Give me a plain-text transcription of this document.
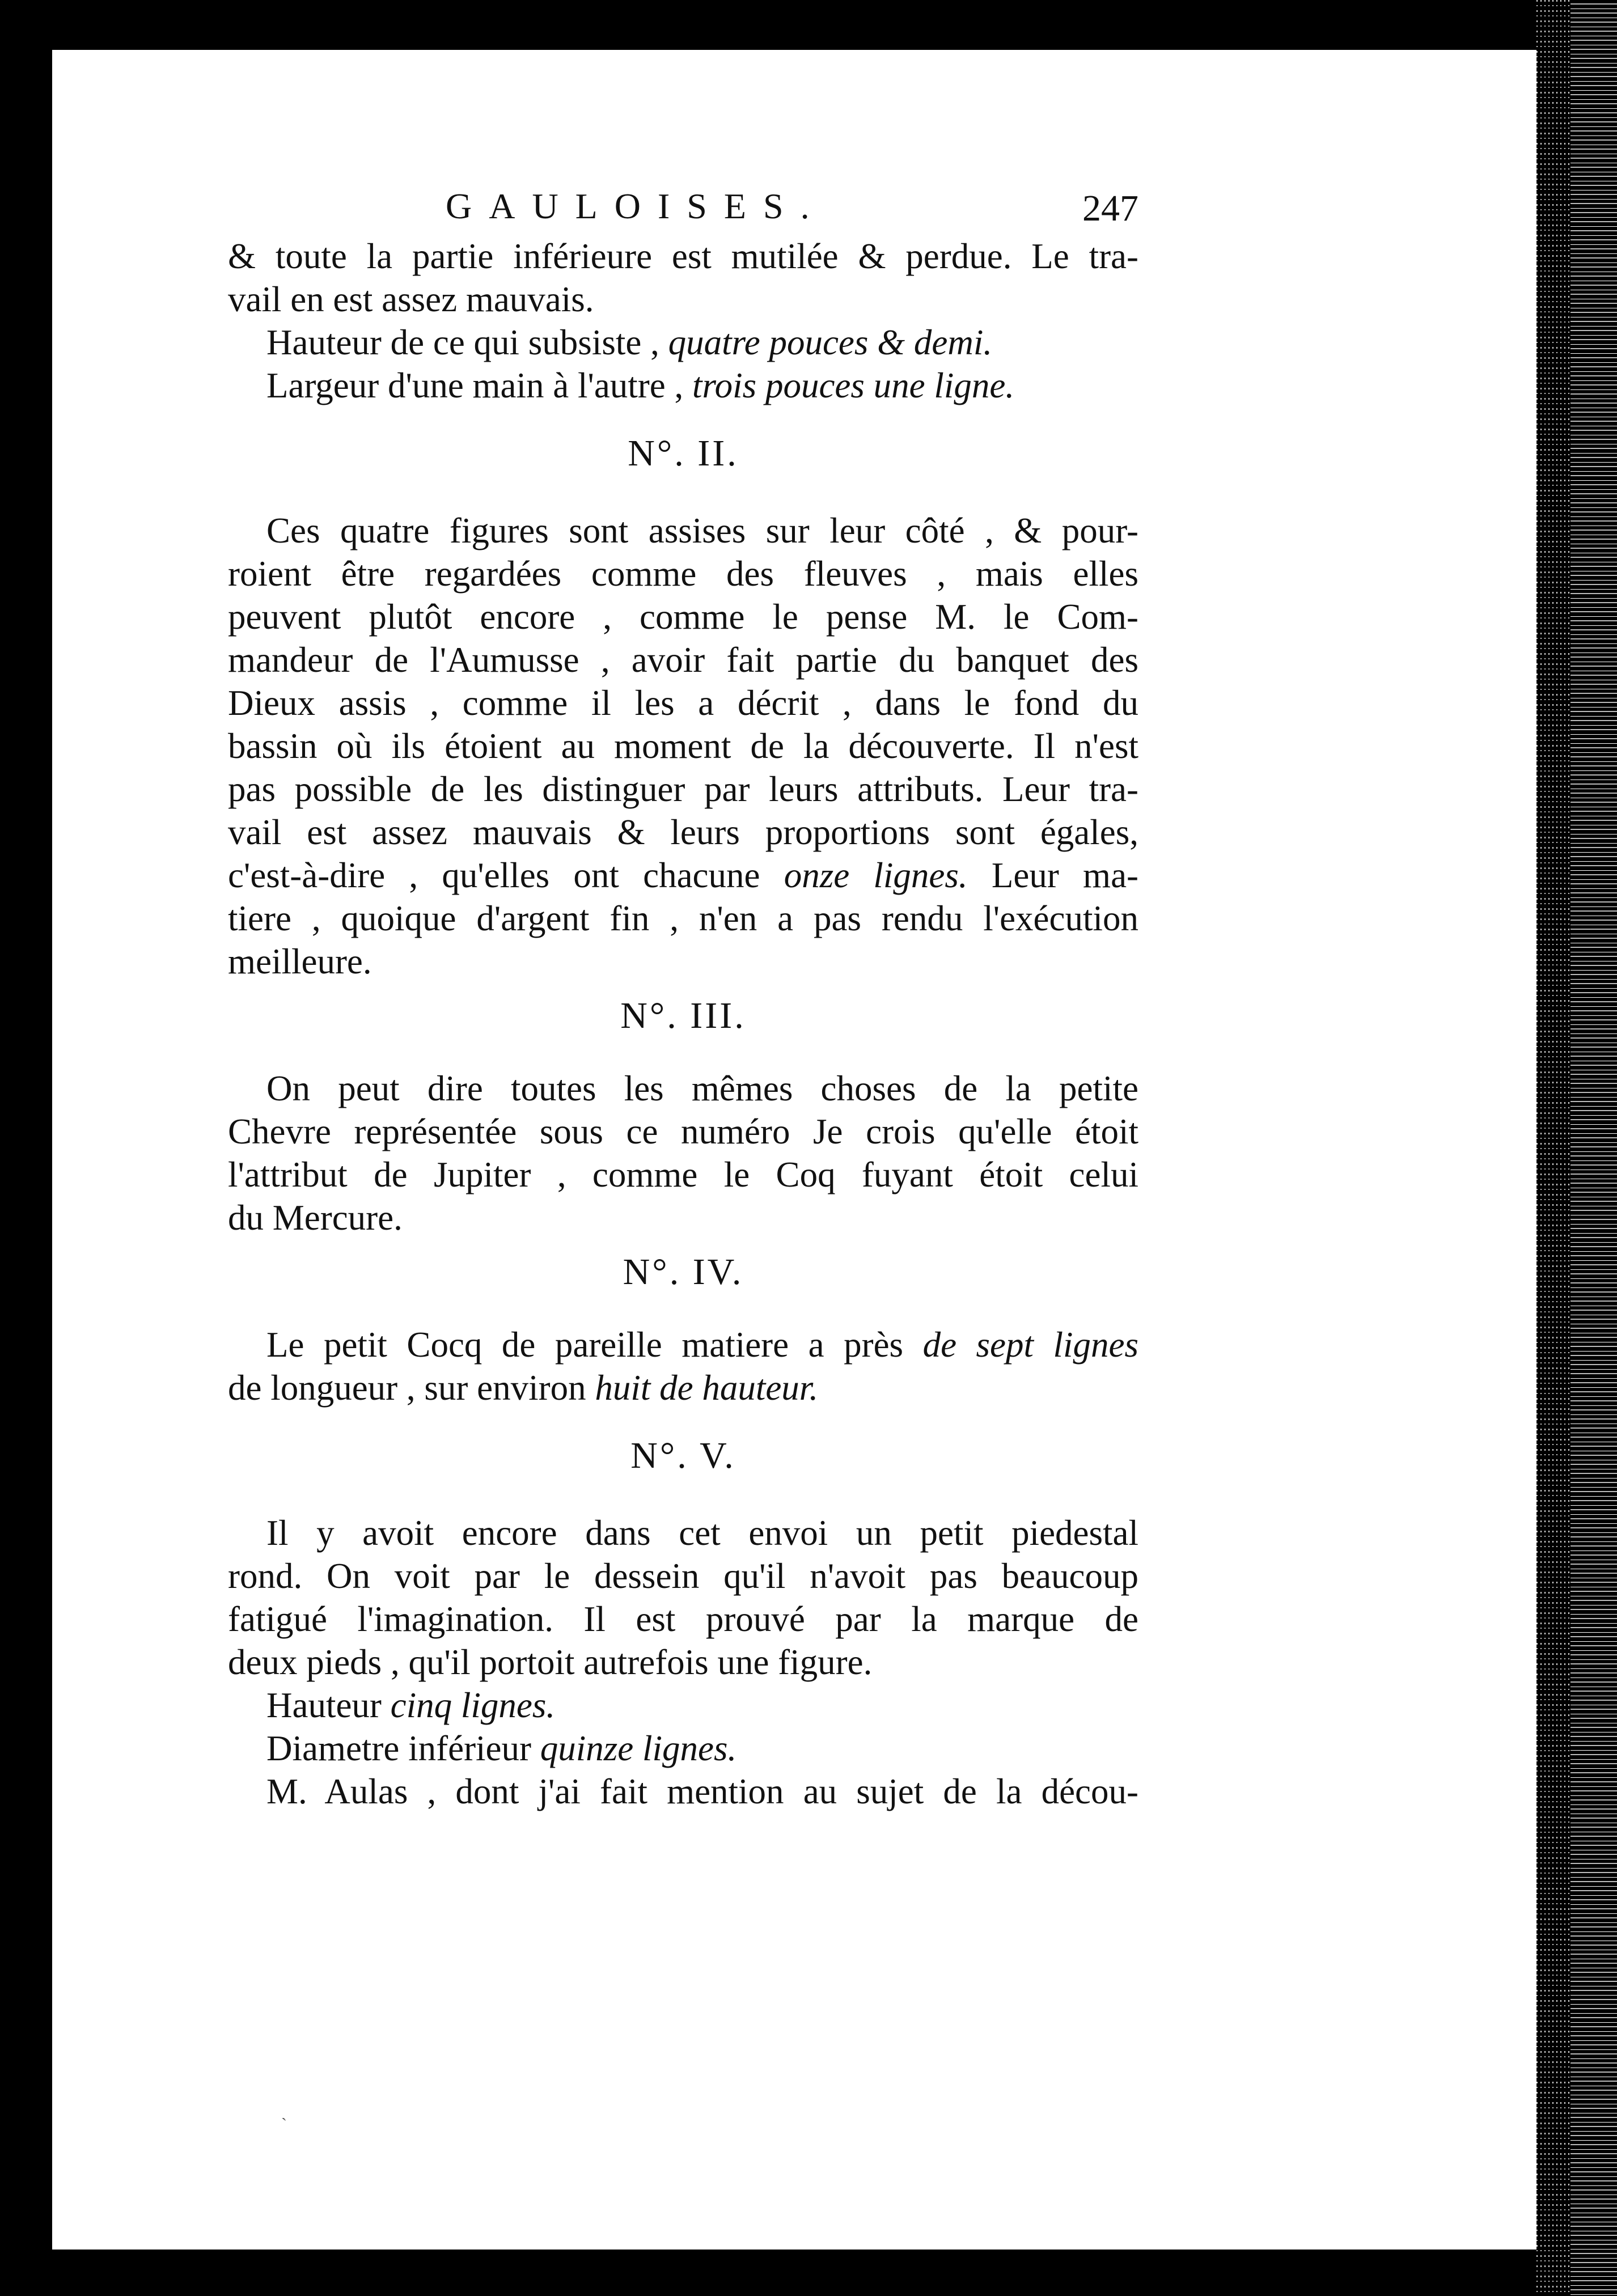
GAULOISES.	247

& toute la partie inférieure est mutilée & perdue. Le tra-
vail en est assez mauvais.

Hauteur de ce qui subsiste , quatre pouces & demi.

Largeur d'une main à l'autre , trois pouces une ligne.

N°. II.

Ces quatre figures sont assises sur leur côté , & pour-
roient être regardées comme des fleuves , mais elles
peuvent plutôt encore , comme le pense M. le Com-
mandeur de l'Aumusse , avoir fait partie du banquet des
Dieux assis , comme il les a décrit , dans le fond du
bassin où ils étoient au moment de la découverte. Il n'est
pas possible de les distinguer par leurs attributs. Leur tra-
vail est assez mauvais & leurs proportions sont égales,
c'est-à-dire , qu'elles ont chacune onze lignes. Leur ma-
tiere , quoique d'argent fin , n'en a pas rendu l'exécution
meilleure.

N°. III.

On peut dire toutes les mêmes choses de la petite
Chevre représentée sous ce numéro Je crois qu'elle étoit
l'attribut de Jupiter , comme le Coq fuyant étoit celui
du Mercure.

N°. IV.

Le petit Cocq de pareille matiere a près de sept lignes
de longueur , sur environ huit de hauteur.

N°. V.

Il y avoit encore dans cet envoi un petit piedestal
rond. On voit par le dessein qu'il n'avoit pas beaucoup
fatigué l'imagination. Il est prouvé par la marque de
deux pieds , qu'il portoit autrefois une figure.

Hauteur cinq lignes.

Diametre inférieur quinze lignes.

M. Aulas , dont j'ai fait mention au sujet de la décou-

ˎ
